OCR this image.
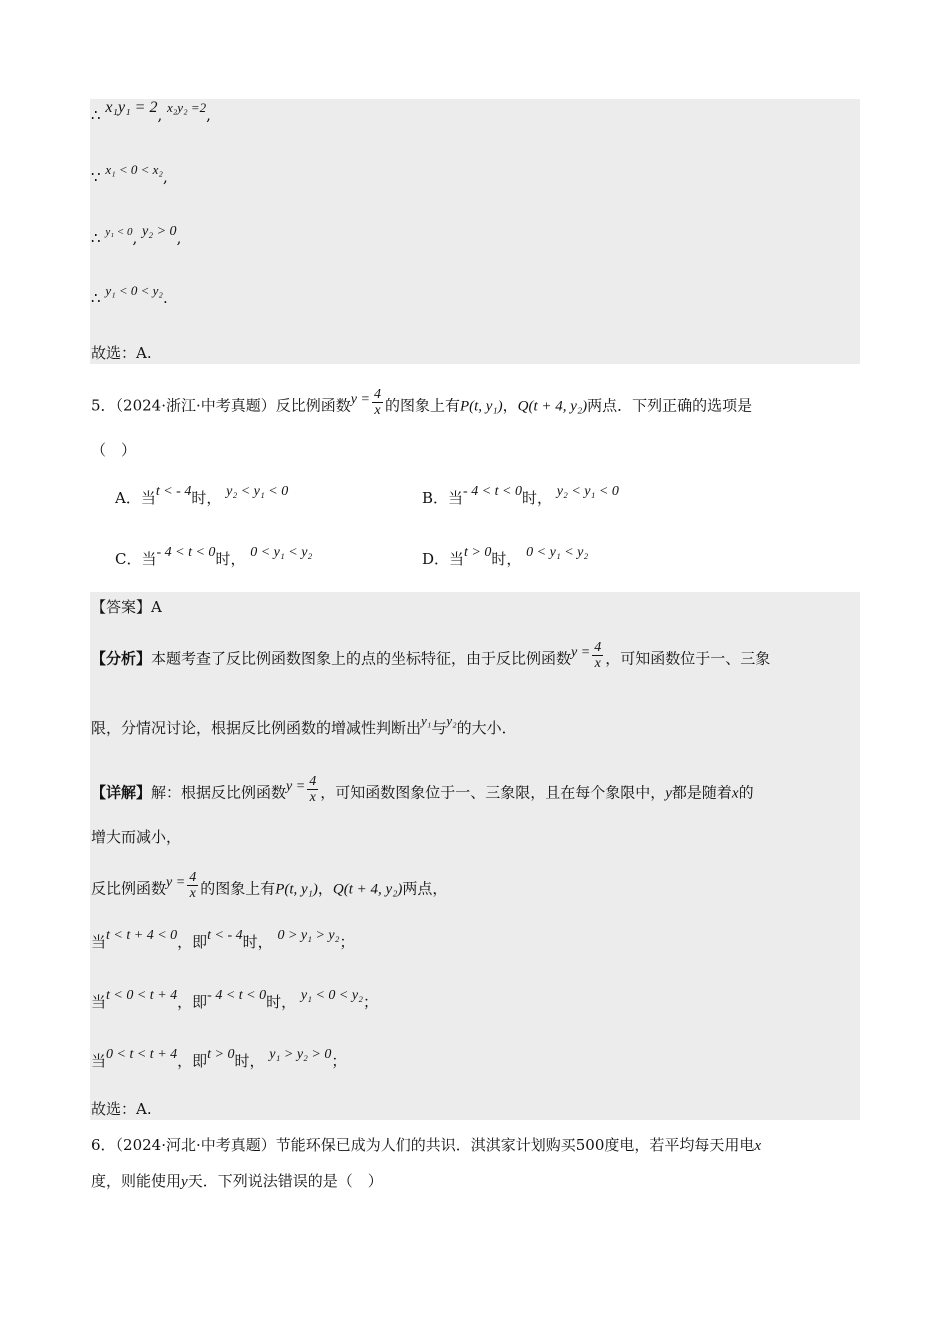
∴ x₁y₁ = 2, x₂y₂ =2,
∵ x₁ < 0 < x₂,
∴ $^{y_1 < 0}$, y₂ > 0,
∴ y₁ < 0 < y₂.
故选：A.
5．（2024·浙江·中考真题）反比例函数$y = \frac{4}{x}$ 的图象上有P(t, y₁)，Q(t + 4, y₂)两点．下列正确的选项是
（　）
A．当t < - 4时， y₂ < y₁ < 0	B．当- 4 < t < 0时， y₂ < y₁ < 0
C．当- 4 < t < 0时， 0 < y₁ < y₂	D．当t > 0时， 0 < y₁ < y₂
【答案】A
【分析】本题考查了反比例函数图象上的点的坐标特征，由于反比例函数$y = \frac{4}{x}$ ，可知函数位于一、三象
限，分情况讨论，根据反比例函数的增减性判断出y₁与y₂的大小．
【详解】解：根据反比例函数$y = \frac{4}{x}$ ，可知函数图象位于一、三象限，且在每个象限中，y都是随着x的
增大而减小，
反比例函数$y = \frac{4}{x}$ 的图象上有P(t, y₁)，Q(t + 4, y₂)两点，
当t < t + 4 < 0，即t < - 4时， 0 > y₁ > y₂；
当t < 0 < t + 4，即- 4 < t < 0时， y₁ < 0 < y₂；
当0 < t < t + 4，即t > 0时， y₁ > y₂ > 0；
故选：A.
6．（2024·河北·中考真题）节能环保已成为人们的共识．淇淇家计划购买500度电，若平均每天用电x
度，则能使用y天．下列说法错误的是（　）
